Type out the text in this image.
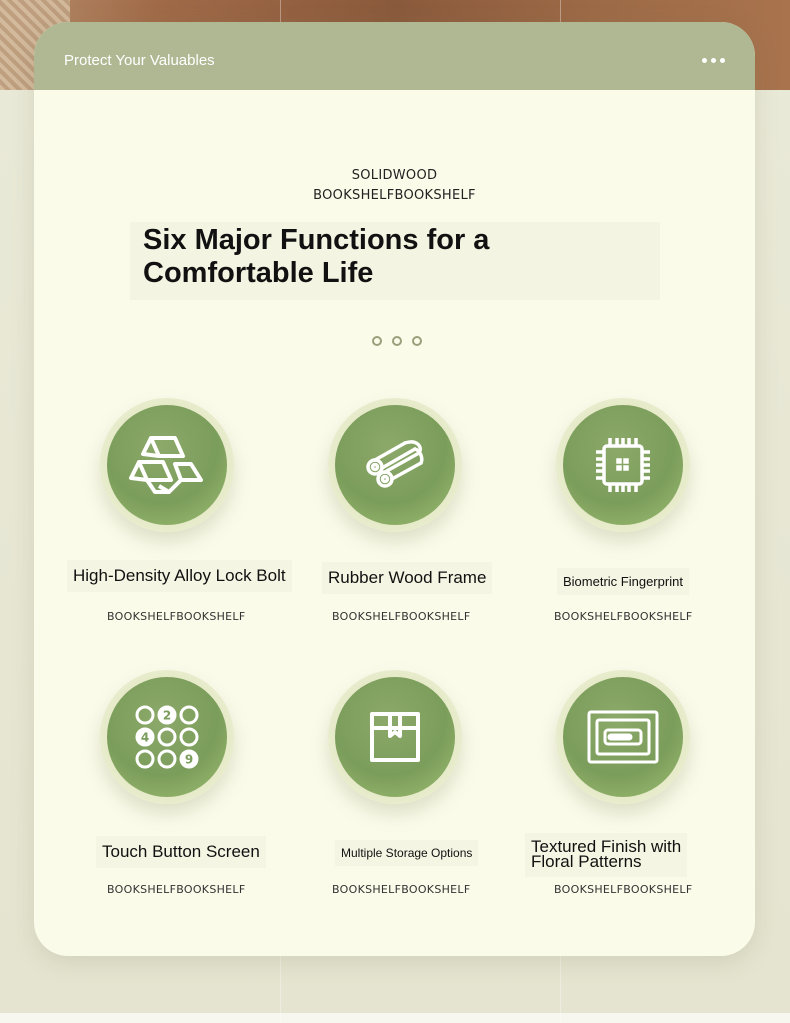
Protect Your Valuables
SOLIDWOOD
BOOKSHELFBOOKSHELF
Six Major Functions for a
Comfortable Life
High-Density Alloy Lock Bolt
BOOKSHELFBOOKSHELF
Rubber Wood Frame
BOOKSHELFBOOKSHELF
Biometric Fingerprint
BOOKSHELFBOOKSHELF
2
4
9
Touch Button Screen
BOOKSHELFBOOKSHELF
Multiple Storage Options
BOOKSHELFBOOKSHELF
Textured Finish with
Floral Patterns
BOOKSHELFBOOKSHELF
